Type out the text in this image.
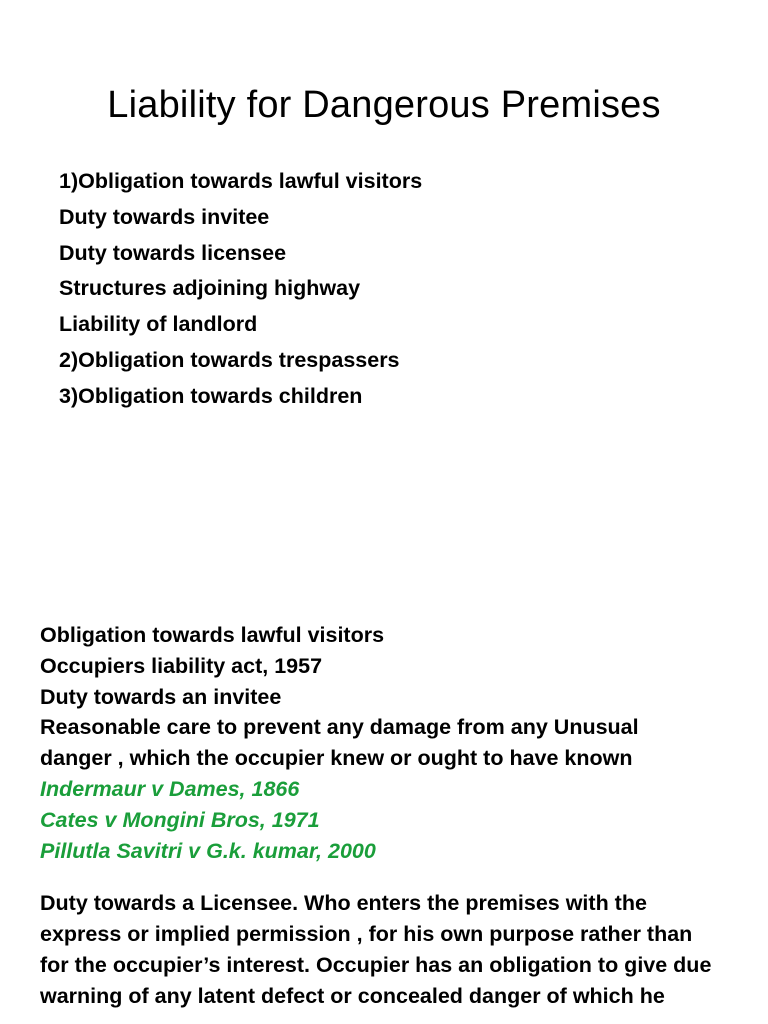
Liability for Dangerous Premises
1)Obligation towards lawful visitors
Duty towards invitee
Duty towards licensee
Structures adjoining highway
Liability of landlord
2)Obligation towards trespassers
3)Obligation towards children
Obligation towards lawful visitors
Occupiers liability act, 1957
Duty towards an invitee
Reasonable care to prevent any damage from any Unusual
danger , which the occupier knew or ought to have known
Indermaur v Dames, 1866
Cates v Mongini Bros, 1971
Pillutla Savitri v G.k. kumar, 2000
Duty towards a Licensee. Who enters the premises with the
express or implied permission , for his own purpose rather than
for the occupier’s interest. Occupier has an obligation to give due
warning of any latent defect or concealed danger of which he
